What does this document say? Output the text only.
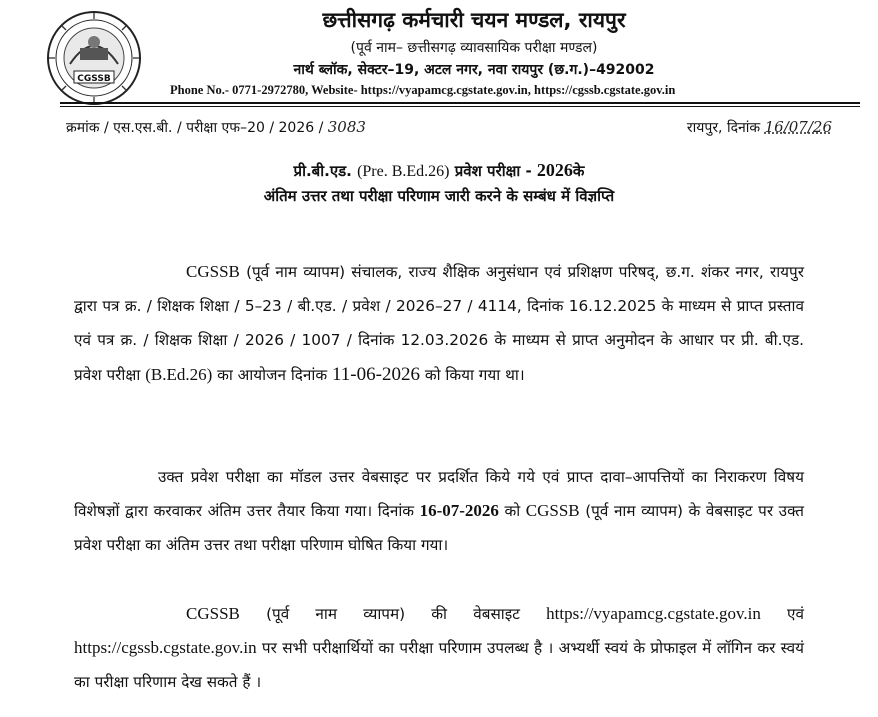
CGSSB
छत्तीसगढ़ कर्मचारी चयन मण्डल, रायपुर
(पूर्व नाम– छत्तीसगढ़ व्यावसायिक परीक्षा मण्डल)
नार्थ ब्लॉक, सेक्टर–19, अटल नगर, नवा रायपुर (छ.ग.)–492002
Phone No.- 0771-2972780, Website- https://vyapamcg.cgstate.gov.in, https://cgssb.cgstate.gov.in
क्रमांक / एस.एस.बी. / परीक्षा एफ–20 / 2026 / 3083	रायपुर, दिनांक 16/07/26
प्री.बी.एड. (Pre. B.Ed.26) प्रवेश परीक्षा - 2026के
अंतिम उत्तर तथा परीक्षा परिणाम जारी करने के सम्बंध में विज्ञप्ति
CGSSB (पूर्व नाम व्यापम) संचालक, राज्य शैक्षिक अनुसंधान एवं प्रशिक्षण परिषद्, छ.ग. शंकर नगर, रायपुर द्वारा पत्र क्र. / शिक्षक शिक्षा / 5–23 / बी.एड. / प्रवेश / 2026–27 / 4114, दिनांक 16.12.2025 के माध्यम से प्राप्त प्रस्ताव एवं पत्र क्र. / शिक्षक शिक्षा / 2026 / 1007 / दिनांक 12.03.2026 के माध्यम से प्राप्त अनुमोदन के आधार पर प्री. बी.एड. प्रवेश परीक्षा (B.Ed.26) का आयोजन दिनांक 11-06-2026 को किया गया था।
उक्त प्रवेश परीक्षा का मॉडल उत्तर वेबसाइट पर प्रदर्शित किये गये एवं प्राप्त दावा–आपत्तियों का निराकरण विषय विशेषज्ञों द्वारा करवाकर अंतिम उत्तर तैयार किया गया। दिनांक 16-07-2026 को CGSSB (पूर्व नाम व्यापम) के वेबसाइट पर उक्त प्रवेश परीक्षा का अंतिम उत्तर तथा परीक्षा परिणाम घोषित किया गया।
CGSSB (पूर्व नाम व्यापम) की वेबसाइट https://vyapamcg.cgstate.gov.in एवं https://cgssb.cgstate.gov.in पर सभी परीक्षार्थियों का परीक्षा परिणाम उपलब्ध है । अभ्यर्थी स्वयं के प्रोफाइल में लॉगिन कर स्वयं का परीक्षा परिणाम देख सकते हैं ।
